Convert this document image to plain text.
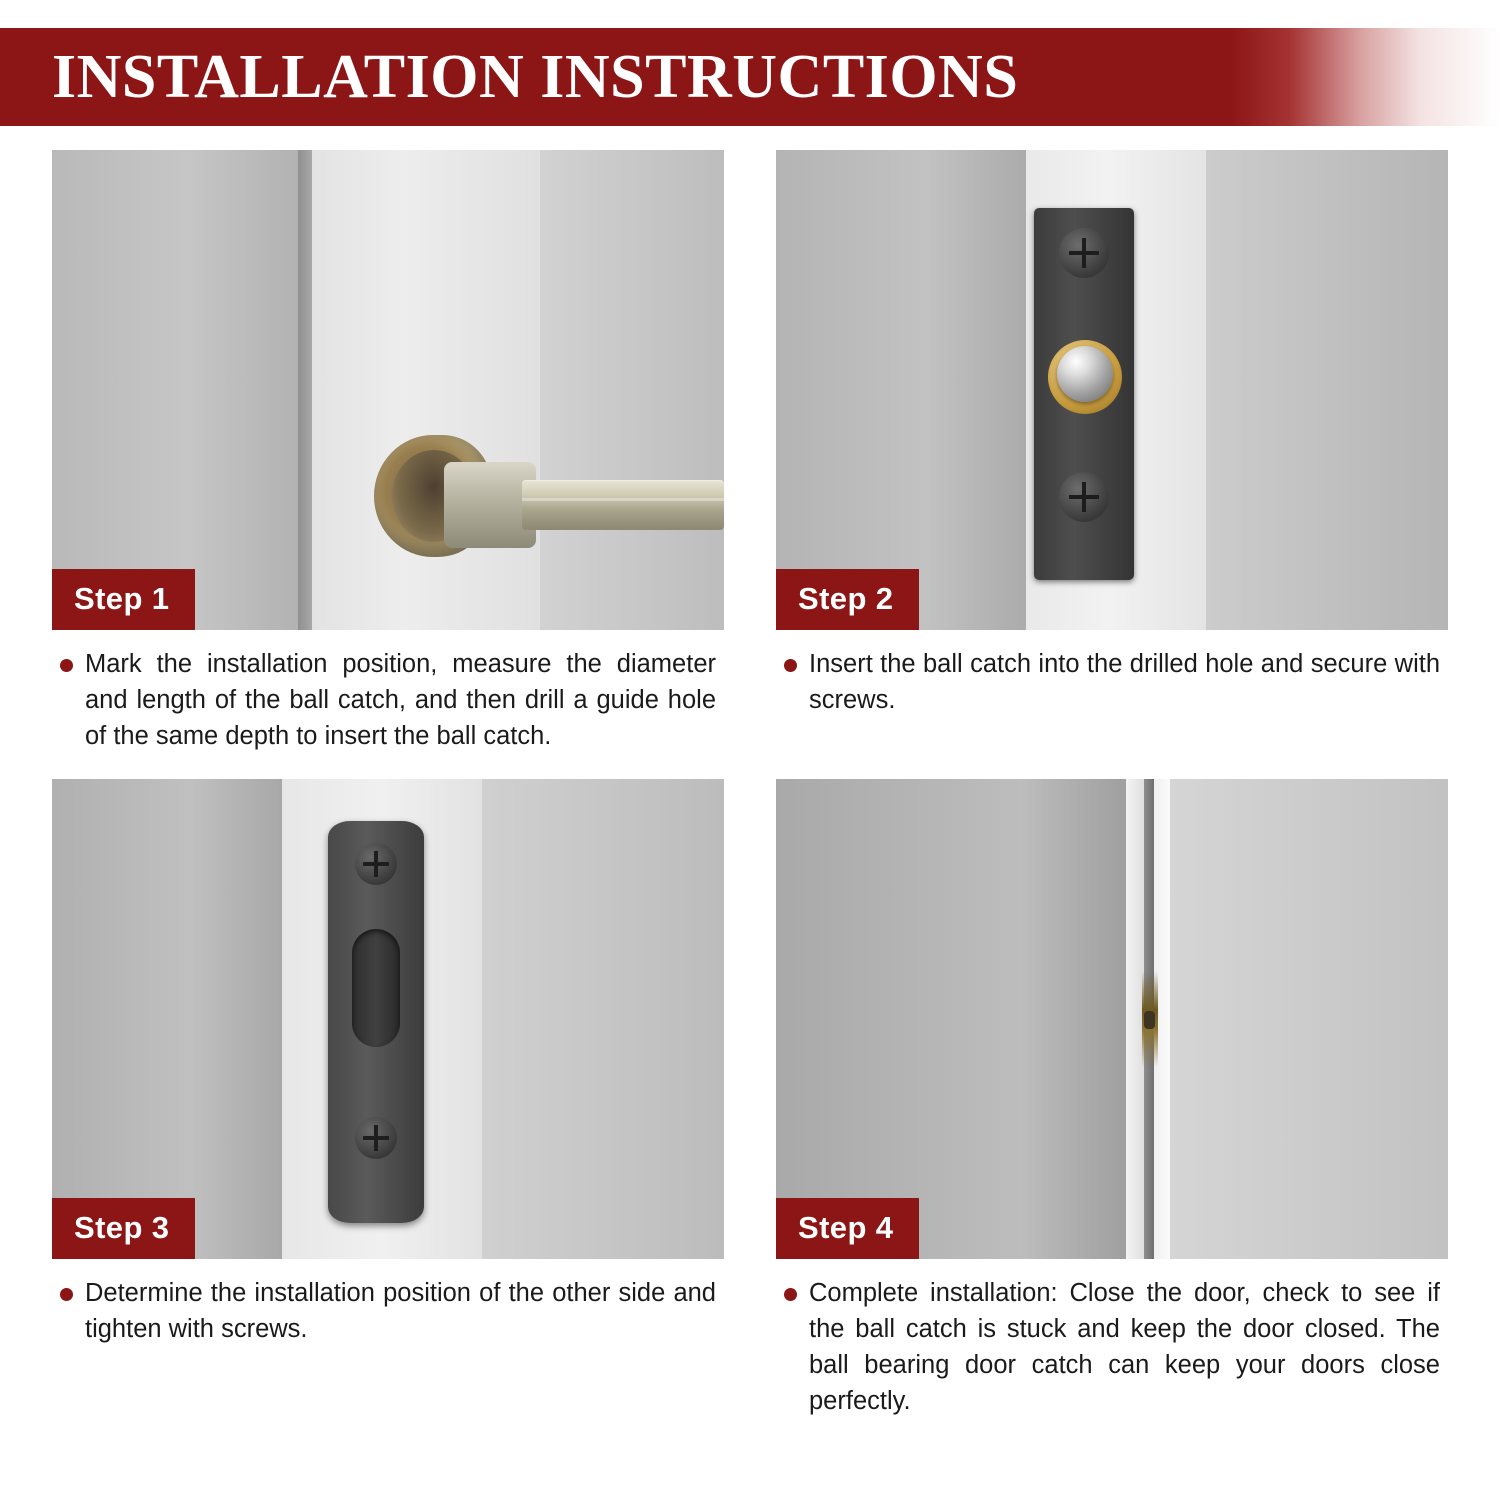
INSTALLATION INSTRUCTIONS
Step 1
Mark the installation position, measure the diameter and length of the ball catch, and then drill a guide hole of the same depth to insert the ball catch.
Step 2
Insert the ball catch into the drilled hole and secure with screws.
Step 3
Determine the installation position of the other side and tighten with screws.
Step 4
Complete installation: Close the door, check to see if the ball catch is stuck and keep the door closed. The ball bearing door catch can keep your doors close perfectly.
